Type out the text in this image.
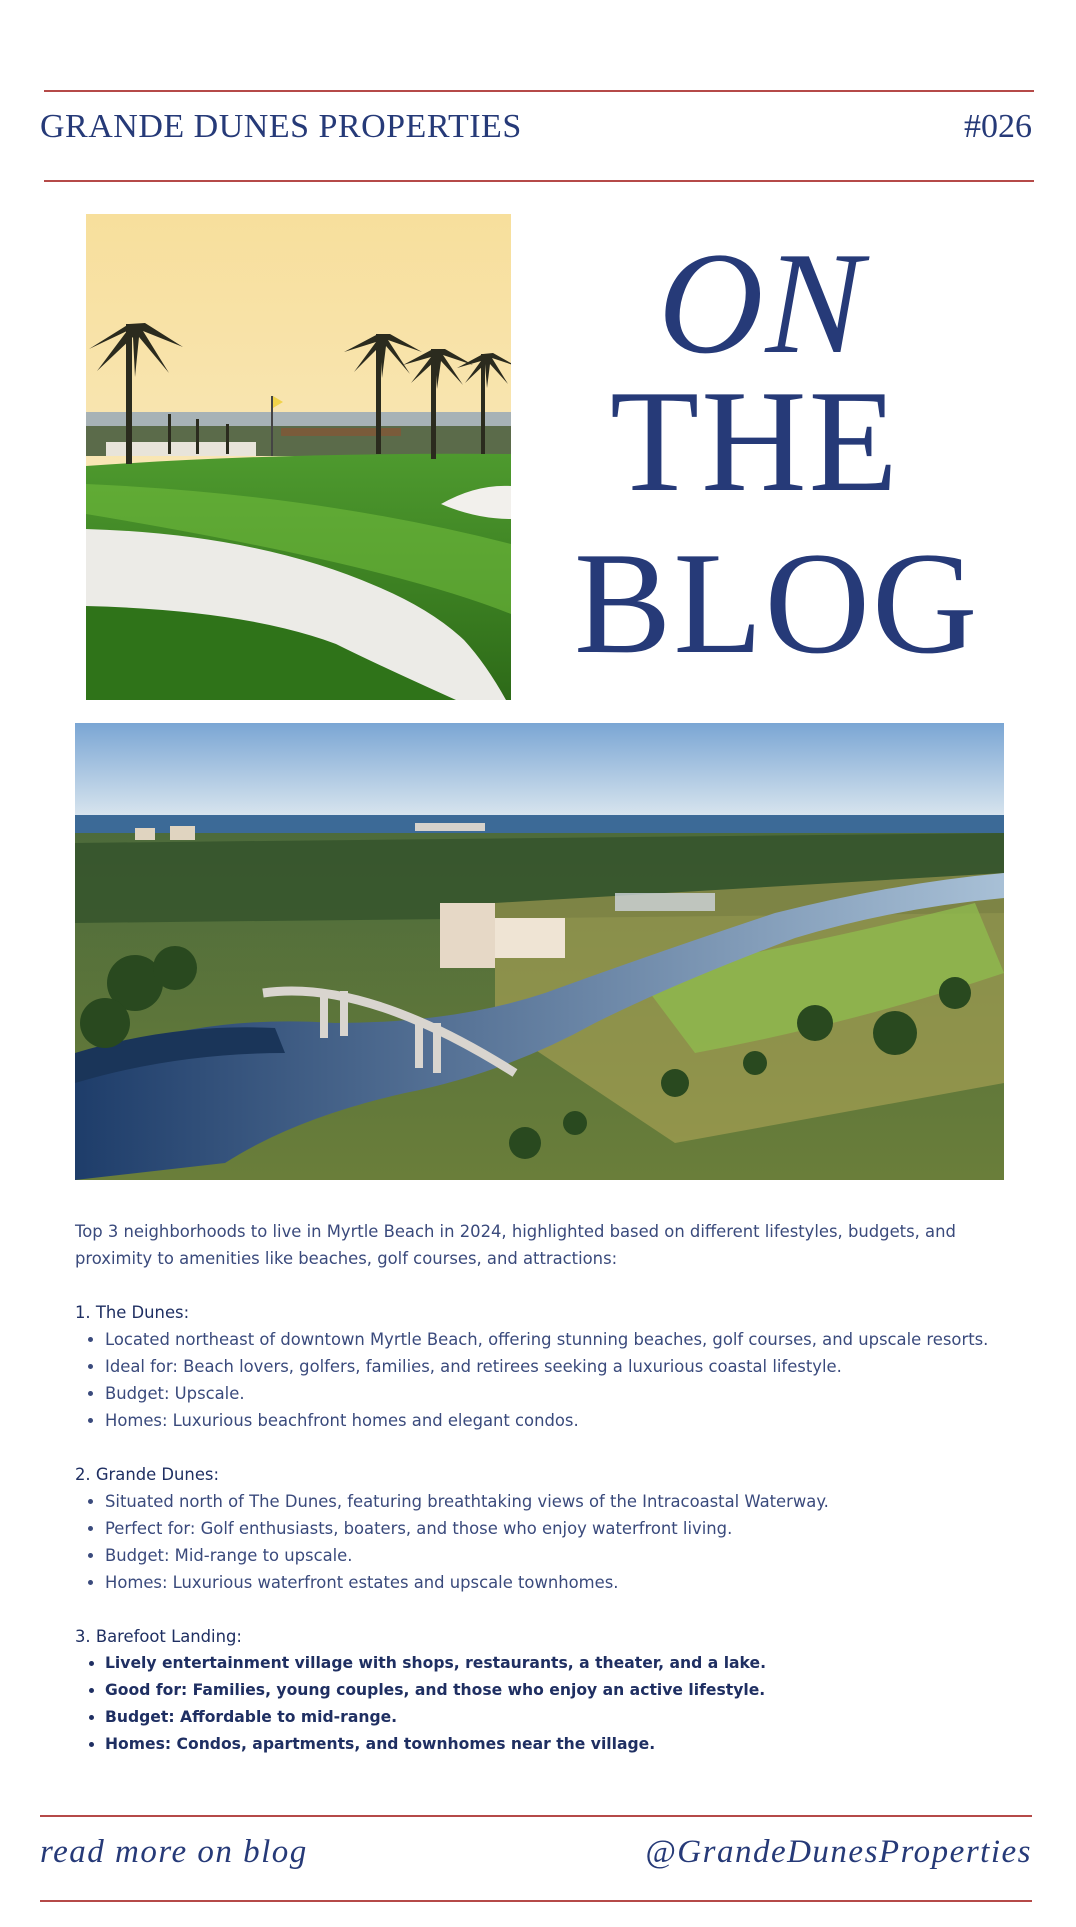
GRANDE DUNES PROPERTIES	#026
ON
THE
BLOG

Top 3 neighborhoods to live in Myrtle Beach in 2024, highlighted based on different lifestyles, budgets, and proximity to amenities like beaches, golf courses, and attractions:

1. The Dunes:
• Located northeast of downtown Myrtle Beach, offering stunning beaches, golf courses, and upscale resorts.
• Ideal for: Beach lovers, golfers, families, and retirees seeking a luxurious coastal lifestyle.
• Budget: Upscale.
• Homes: Luxurious beachfront homes and elegant condos.
2. Grande Dunes:
• Situated north of The Dunes, featuring breathtaking views of the Intracoastal Waterway.
• Perfect for: Golf enthusiasts, boaters, and those who enjoy waterfront living.
• Budget: Mid-range to upscale.
• Homes: Luxurious waterfront estates and upscale townhomes.
3. Barefoot Landing:
• Lively entertainment village with shops, restaurants, a theater, and a lake.
• Good for: Families, young couples, and those who enjoy an active lifestyle.
• Budget: Affordable to mid-range.
• Homes: Condos, apartments, and townhomes near the village.
read more on blog	@GrandeDunesProperties
